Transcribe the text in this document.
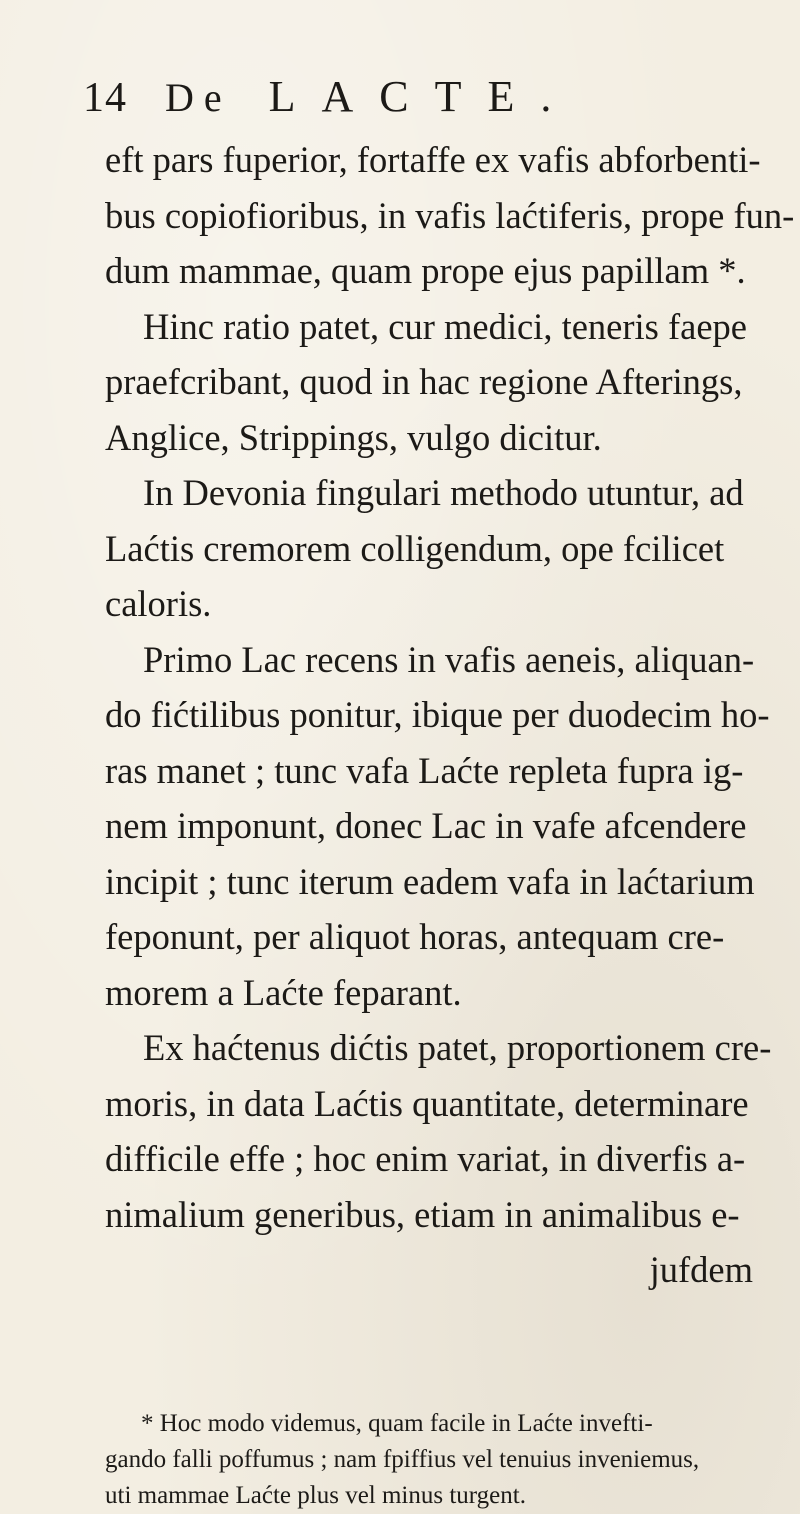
14 De LACTE.
eft pars fuperior, fortaffe ex vafis abforbenti-
bus copiofioribus, in vafis laćtiferis, prope fun-
dum mammae, quam prope ejus papillam *.
Hinc ratio patet, cur medici, teneris faepe
praefcribant, quod in hac regione Afterings,
Anglice, Strippings, vulgo dicitur.
In Devonia fingulari methodo utuntur, ad
Laćtis cremorem colligendum, ope fcilicet
caloris.
Primo Lac recens in vafis aeneis, aliquan-
do fićtilibus ponitur, ibique per duodecim ho-
ras manet ; tunc vafa Laćte repleta fupra ig-
nem imponunt, donec Lac in vafe afcendere
incipit ; tunc iterum eadem vafa in laćtarium
feponunt, per aliquot horas, antequam cre-
morem a Laćte feparant.
Ex haćtenus dićtis patet, proportionem cre-
moris, in data Laćtis quantitate, determinare
difficile effe ; hoc enim variat, in diverfis a-
nimalium generibus, etiam in animalibus e-
jufdem
* Hoc modo videmus, quam facile in Laćte invefti-
gando falli poffumus ; nam fpiffius vel tenuius inveniemus,
uti mammae Laćte plus vel minus turgent.
